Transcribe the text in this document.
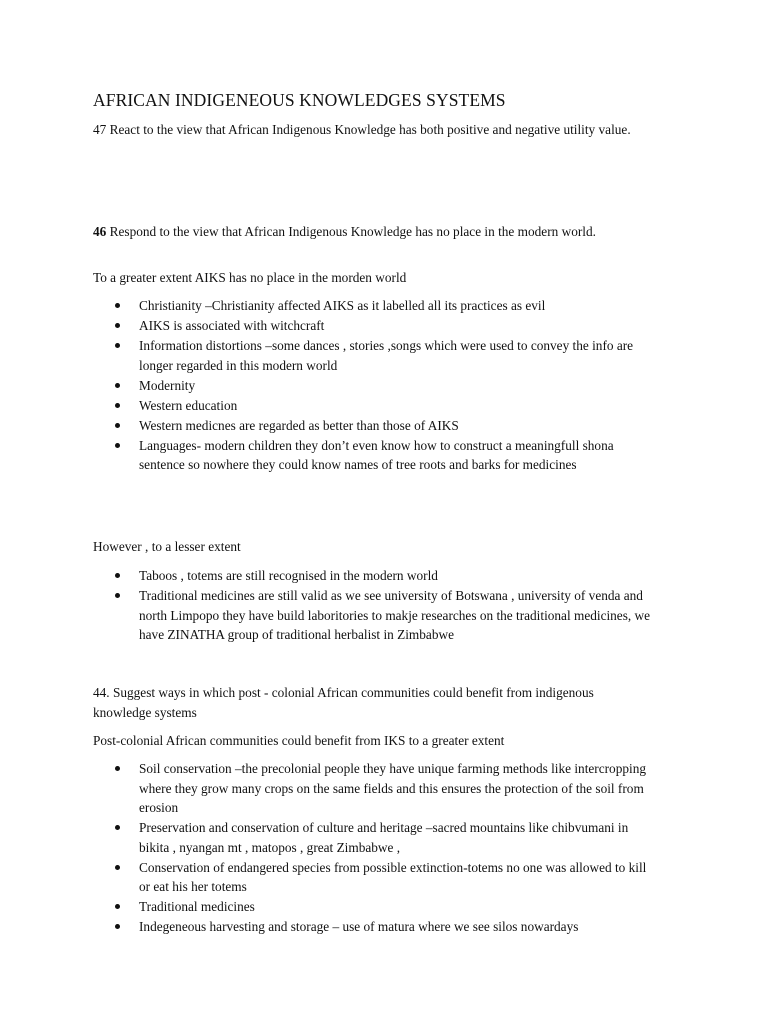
AFRICAN INDIGENEOUS KNOWLEDGES SYSTEMS

47 React to the view that African Indigenous Knowledge has both positive and negative utility value.

46 Respond to the view that African Indigenous Knowledge has no place in the modern world.

To a greater extent AIKS has no place in the morden world

Christianity –Christianity affected AIKS as it labelled all its practices as evil
AIKS is associated with witchcraft
Information distortions –some dances , stories ,songs which were used to convey the info are longer regarded in this modern world
Modernity
Western education
Western medicnes are regarded as better than those of AIKS
Languages- modern children they don’t even know how to construct a meaningfull shona sentence so nowhere they could know names of tree roots and barks for medicines

However , to a lesser extent

Taboos , totems are still recognised in the modern world
Traditional medicines are still valid as we see university of Botswana , university of venda and north Limpopo they have build laboritories to makje researches on the traditional medicines, we have ZINATHA group of traditional herbalist in Zimbabwe

44. Suggest ways in which post - colonial African communities could benefit from indigenous knowledge systems

Post-colonial African communities could benefit from IKS to a greater extent

Soil conservation –the precolonial people they have unique farming methods like intercropping where they grow many crops on the same fields and this ensures the protection of the soil from erosion
Preservation and conservation of culture and heritage –sacred mountains like chibvumani in bikita , nyangan mt , matopos , great Zimbabwe ,
Conservation of endangered species from possible extinction-totems no one was allowed to kill or eat his her totems
Traditional medicines
Indegeneous harvesting and storage – use of matura where we see silos nowardays
